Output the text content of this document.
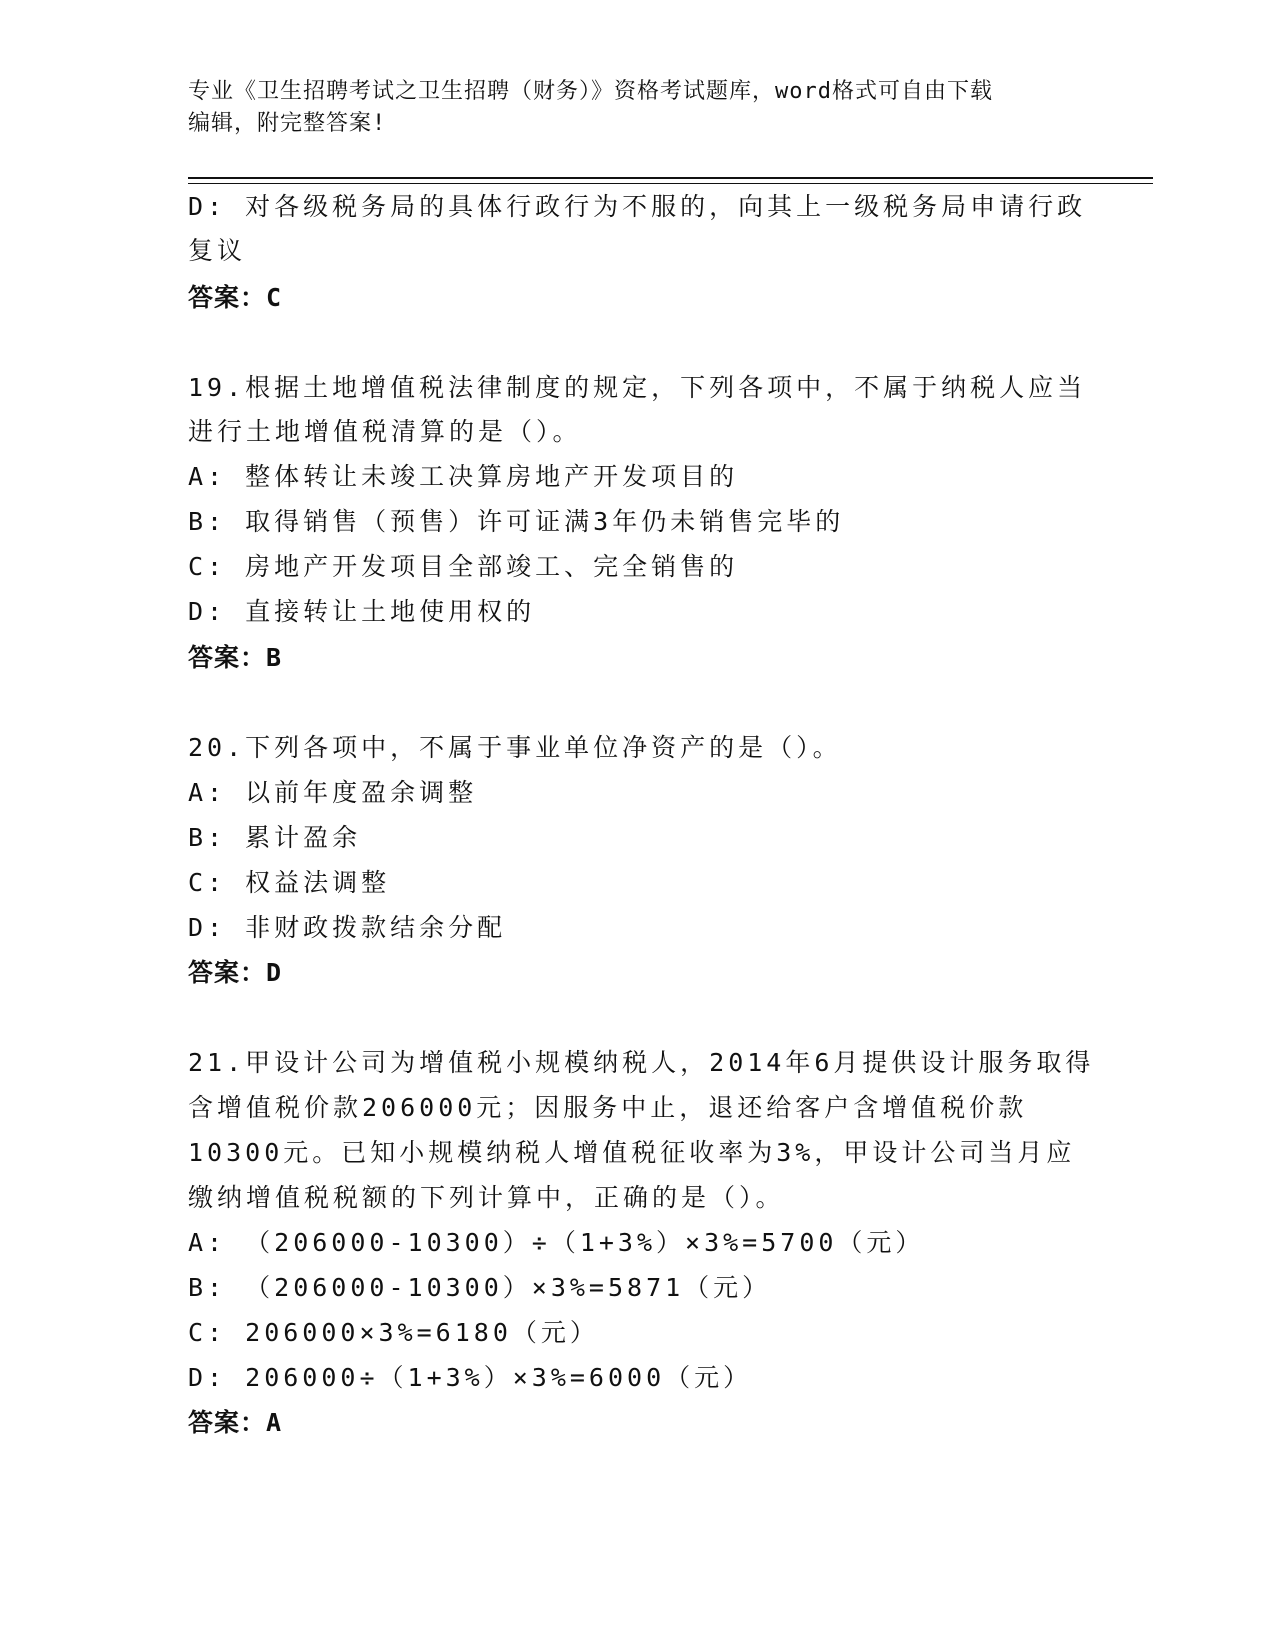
专业《卫生招聘考试之卫生招聘（财务）》资格考试题库，word格式可自由下载
编辑，附完整答案!
D: 对各级税务局的具体行政行为不服的，向其上一级税务局申请行政
复议
答案：C
19.根据土地增值税法律制度的规定，下列各项中，不属于纳税人应当
进行土地增值税清算的是（）。
A: 整体转让未竣工决算房地产开发项目的
B: 取得销售（预售）许可证满3年仍未销售完毕的
C: 房地产开发项目全部竣工、完全销售的
D: 直接转让土地使用权的
答案：B
20.下列各项中，不属于事业单位净资产的是（）。
A: 以前年度盈余调整
B: 累计盈余
C: 权益法调整
D: 非财政拨款结余分配
答案：D
21.甲设计公司为增值税小规模纳税人，2014年6月提供设计服务取得
含增值税价款206000元；因服务中止，退还给客户含增值税价款
10300元。已知小规模纳税人增值税征收率为3%，甲设计公司当月应
缴纳增值税税额的下列计算中，正确的是（）。
A: （206000-10300）÷（1+3%）×3%=5700（元）
B: （206000-10300）×3%=5871（元）
C: 206000×3%=6180（元）
D: 206000÷（1+3%）×3%=6000（元）
答案：A
